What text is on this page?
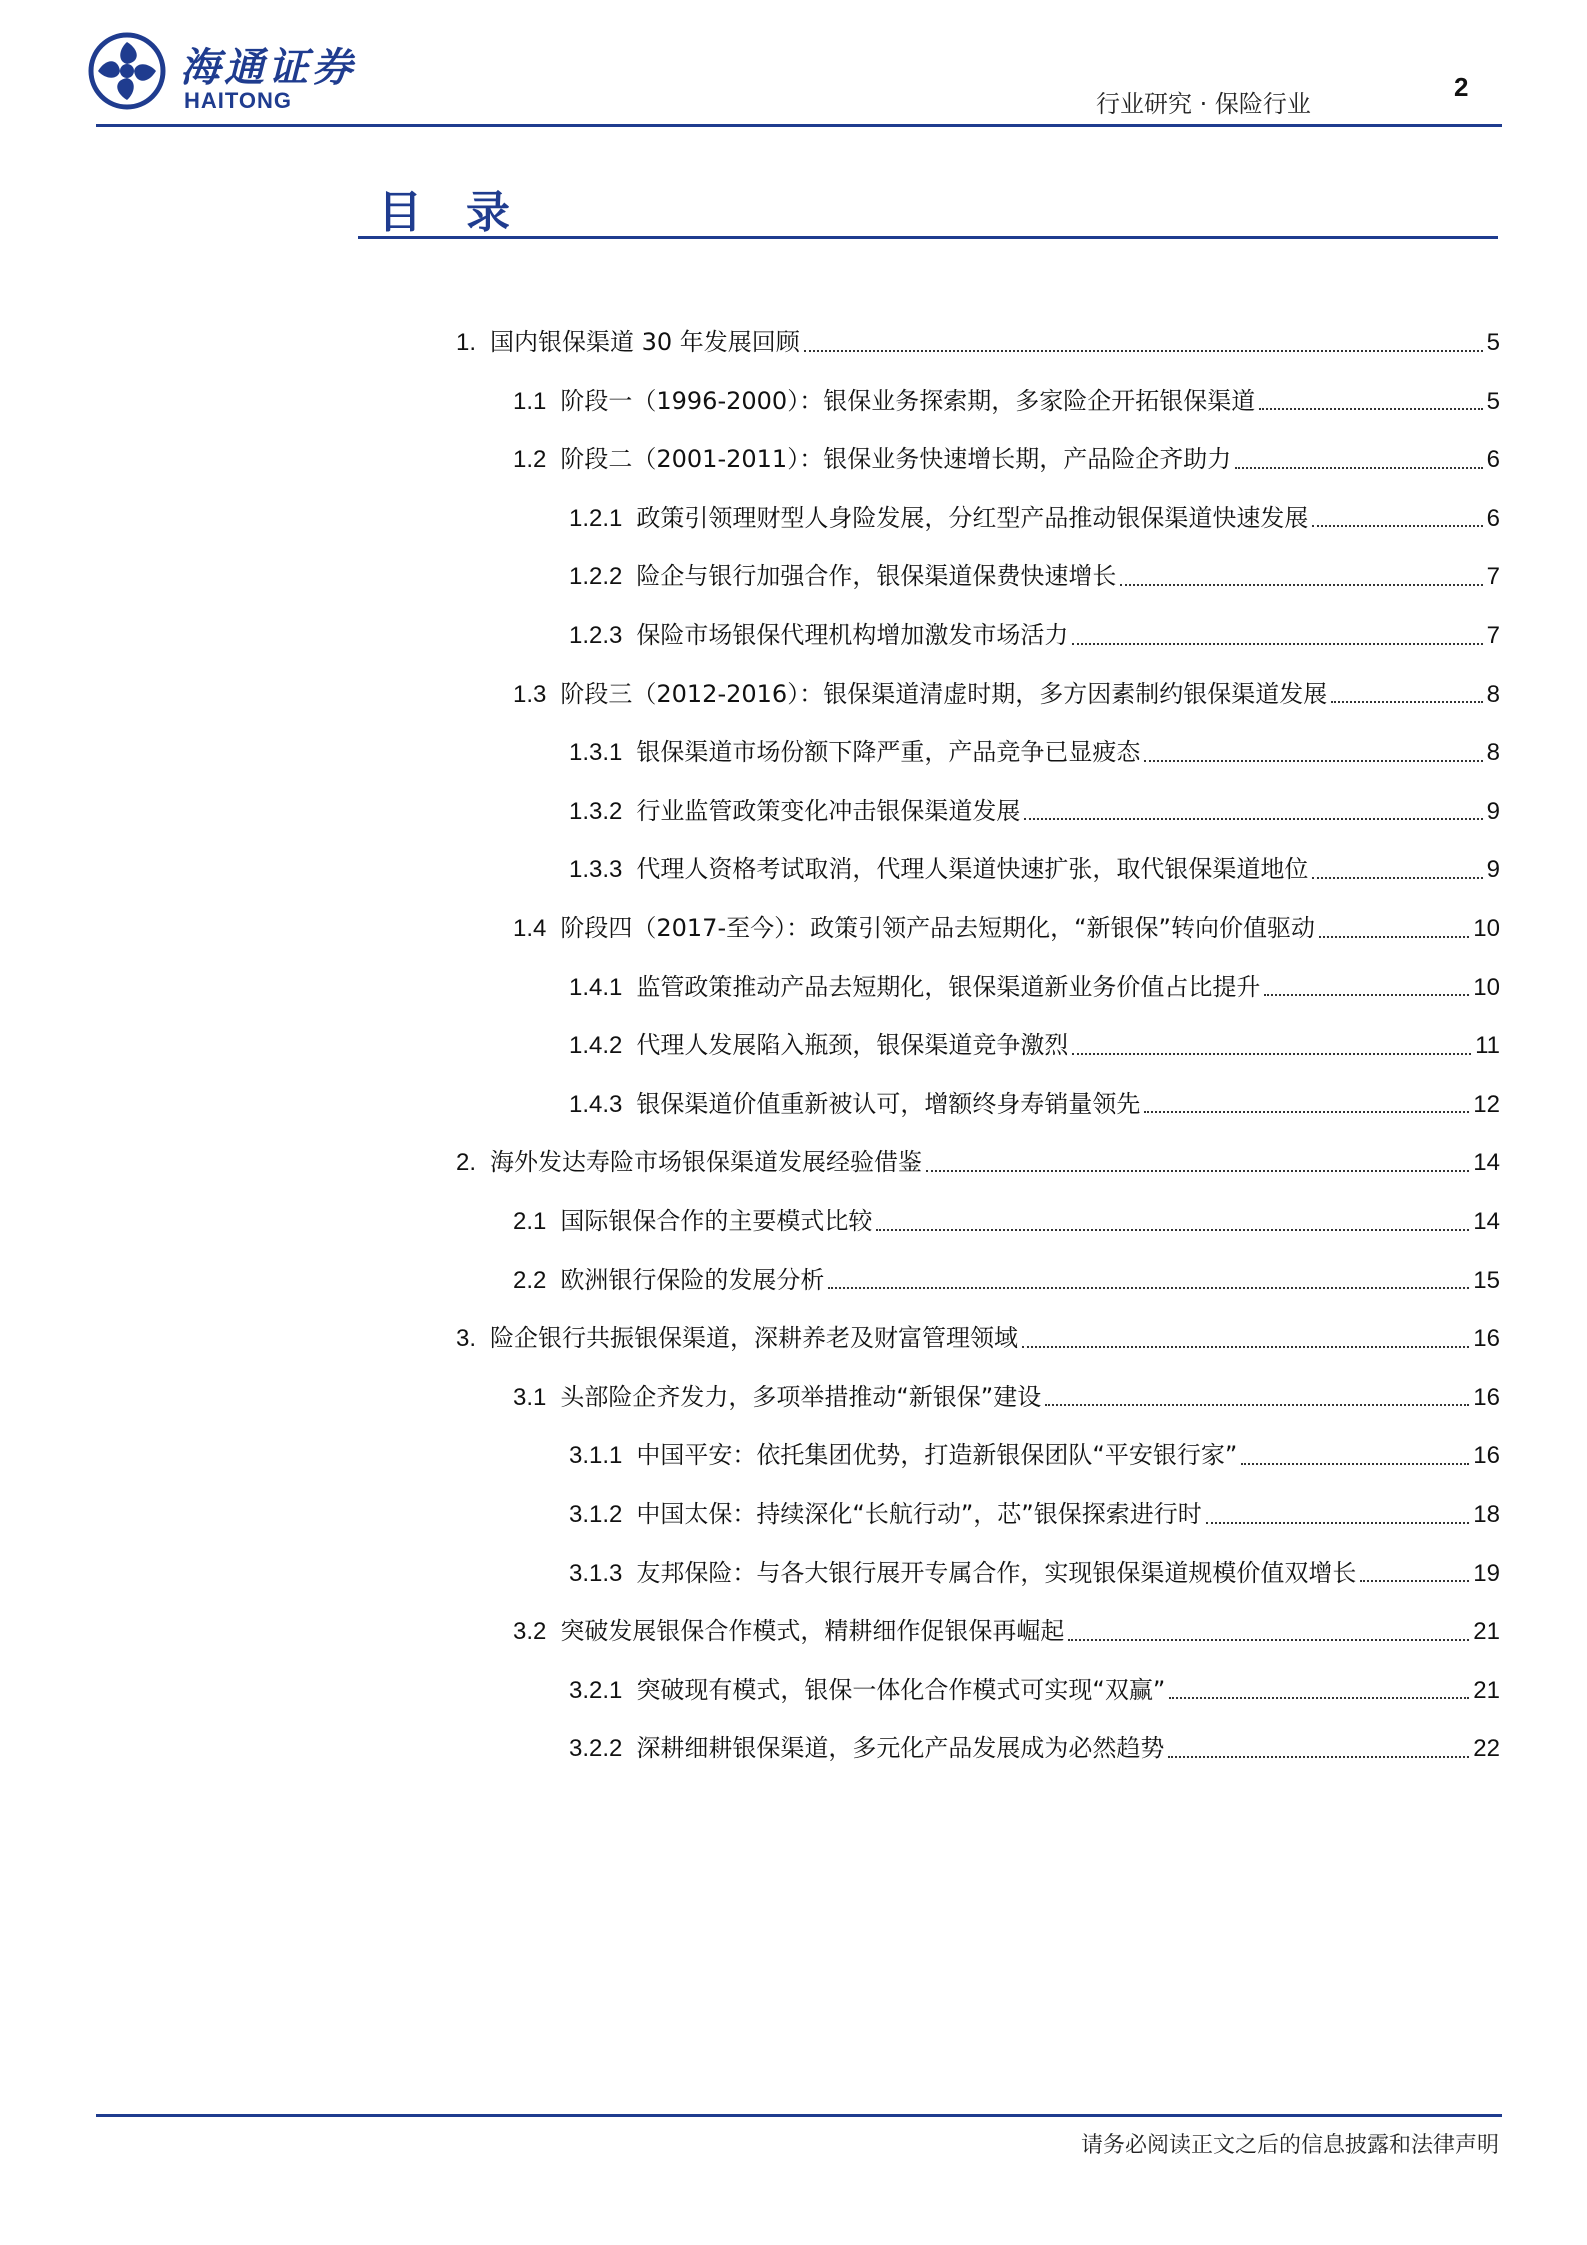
海通证券
HAITONG	行业研究 · 保险行业
2
目录
1. 国内银保渠道 30 年发展回顾	5
1.1 阶段一（1996-2000）：银保业务探索期，多家险企开拓银保渠道	5
1.2 阶段二（2001-2011）：银保业务快速增长期，产品险企齐助力	6
1.2.1 政策引领理财型人身险发展，分红型产品推动银保渠道快速发展	6
1.2.2 险企与银行加强合作，银保渠道保费快速增长	7
1.2.3 保险市场银保代理机构增加激发市场活力	7
1.3 阶段三（2012-2016）：银保渠道清虚时期，多方因素制约银保渠道发展	8
1.3.1 银保渠道市场份额下降严重，产品竞争已显疲态	8
1.3.2 行业监管政策变化冲击银保渠道发展	9
1.3.3 代理人资格考试取消，代理人渠道快速扩张，取代银保渠道地位	9
1.4 阶段四（2017-至今）：政策引领产品去短期化，“新银保”转向价值驱动	10
1.4.1 监管政策推动产品去短期化，银保渠道新业务价值占比提升	10
1.4.2 代理人发展陷入瓶颈，银保渠道竞争激烈	11
1.4.3 银保渠道价值重新被认可，增额终身寿销量领先	12
2. 海外发达寿险市场银保渠道发展经验借鉴	14
2.1 国际银保合作的主要模式比较	14
2.2 欧洲银行保险的发展分析	15
3. 险企银行共振银保渠道，深耕养老及财富管理领域	16
3.1 头部险企齐发力，多项举措推动“新银保”建设	16
3.1.1 中国平安：依托集团优势，打造新银保团队“平安银行家”	16
3.1.2 中国太保：持续深化“长航行动”，芯”银保探索进行时	18
3.1.3 友邦保险：与各大银行展开专属合作，实现银保渠道规模价值双增长	19
3.2 突破发展银保合作模式，精耕细作促银保再崛起	21
3.2.1 突破现有模式，银保一体化合作模式可实现“双赢”	21
3.2.2 深耕细耕银保渠道，多元化产品发展成为必然趋势	22
请务必阅读正文之后的信息披露和法律声明
